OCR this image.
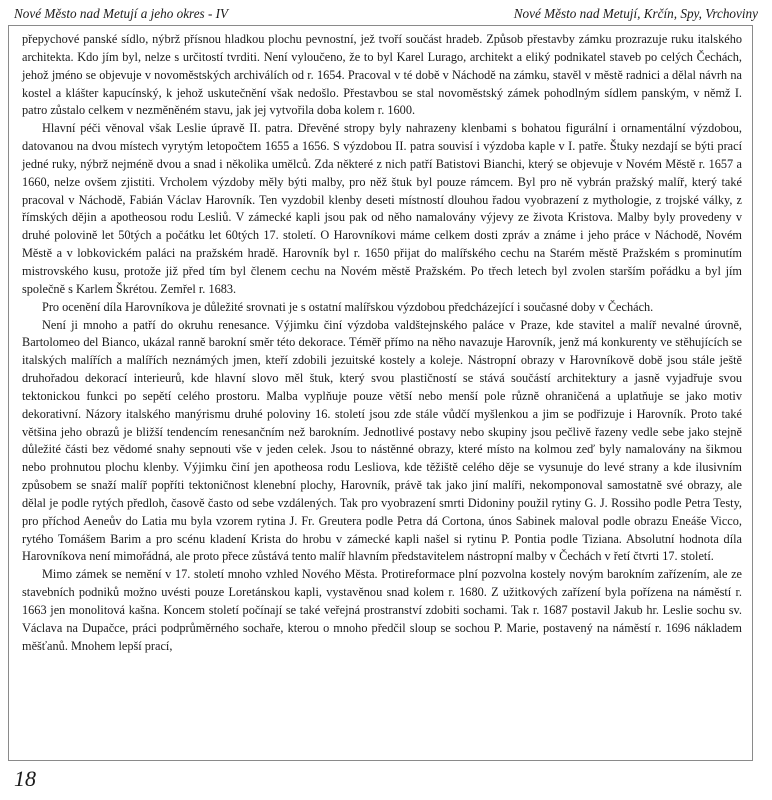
Nové Město nad Metují a jeho okres - IV	Nové Město nad Metují, Krčín, Spy, Vrchoviny

přepychové panské sídlo, nýbrž přísnou hladkou plochu pevnostní, jež tvoří součást hradeb. Způsob přestavby zámku prozrazuje ruku italského architekta. Kdo jím byl, nelze s určitostí tvrditi. Není vyloučeno, že to byl Karel Lurago, architekt a eliký podnikatel staveb po celých Čechách, jehož jméno se objevuje v novoměstských archiválích od r. 1654. Pracoval v té době v Náchodě na zámku, stavěl v městě radnici a dělal návrh na kostel a klášter kapucínský, k jehož uskutečnění však nedošlo. Přestavbou se stal novoměstský zámek pohodlným sídlem panským, v němž I. patro zůstalo celkem v nezměněném stavu, jak jej vytvořila doba kolem r. 1600.

Hlavní péči věnoval však Leslie úpravě II. patra. Dřevěné stropy byly nahrazeny klenbami s bohatou figurální i ornamentální výzdobou, datovanou na dvou místech vyrytým letopočtem 1655 a 1656. S výzdobou II. patra souvisí i výzdoba kaple v I. patře. Štuky nezdají se býti prací jedné ruky, nýbrž nejméně dvou a snad i několika umělců. Zda některé z nich patří Batistovi Bianchi, který se objevuje v Novém Městě r. 1657 a 1660, nelze ovšem zjistiti. Vrcholem výzdoby měly býti malby, pro něž štuk byl pouze rámcem. Byl pro ně vybrán pražský malíř, který také pracoval v Náchodě, Fabián Václav Harovník. Ten vyzdobil klenby deseti místností dlouhou řadou vyobrazení z mythologie, z trojské války, z římských dějin a apotheosou rodu Lesliů. V zámecké kapli jsou pak od něho namalovány výjevy ze života Kristova. Malby byly provedeny v druhé polovině let 50tých a počátku let 60tých 17. století. O Harovníkovi máme celkem dosti zpráv a známe i jeho práce v Náchodě, Novém Městě a v lobkovickém paláci na pražském hradě. Harovník byl r. 1650 přijat do malířského cechu na Starém městě Pražském s prominutím mistrovského kusu, protože již před tím byl členem cechu na Novém městě Pražském. Po třech letech byl zvolen starším pořádku a byl jím společně s Karlem Škrétou. Zemřel r. 1683.

Pro ocenění díla Harovníkova je důležité srovnati je s ostatní malířskou výzdobou předcházející i současné doby v Čechách.

Není ji mnoho a patří do okruhu renesance. Výjimku činí výzdoba valdštejnského paláce v Praze, kde stavitel a malíř nevalné úrovně, Bartolomeo del Bianco, ukázal ranně barokní směr této dekorace. Téměř přímo na něho navazuje Harovník, jenž má konkurenty ve stěhujících se italských malířích a malířích neznámých jmen, kteří zdobili jezuitské kostely a koleje. Nástropní obrazy v Harovníkově době jsou stále ještě druhořadou dekorací interieurů, kde hlavní slovo měl štuk, který svou plastičností se stává součástí architektury a jasně vyjadřuje svou tektonickou funkci po sepětí celého prostoru. Malba vyplňuje pouze větší nebo menší pole různě ohraničená a uplatňuje se jako motiv dekorativní. Názory italského manýrismu druhé poloviny 16. století jsou zde stále vůdčí myšlenkou a jim se podřizuje i Harovník. Proto také většina jeho obrazů je bližší tendencím renesančním než barokním. Jednotlivé postavy nebo skupiny jsou pečlivě řazeny vedle sebe jako stejně důležité části bez vědomé snahy sepnouti vše v jeden celek. Jsou to nástěnné obrazy, které místo na kolmou zeď byly namalovány na šikmou nebo prohnutou plochu klenby. Výjimku činí jen apotheosa rodu Lesliova, kde těžiště celého děje se vysunuje do levé strany a kde ilusivním způsobem se snaží malíř popříti tektoničnost klenební plochy, Harovník, právě tak jako jiní malíři, nekomponoval samostatně své obrazy, ale dělal je podle rytých předloh, časově často od sebe vzdálených. Tak pro vyobrazení smrti Didoniny použil rytiny G. J. Rossiho podle Petra Testy, pro příchod Aeneův do Latia mu byla vzorem rytina J. Fr. Greutera podle Petra dá Cortona, únos Sabinek maloval podle obrazu Eneáše Vicco, rytého Tomášem Barim a pro scénu kladení Krista do hrobu v zámecké kapli našel si rytinu P. Pontia podle Tiziana. Absolutní hodnota díla Harovníkova není mimořádná, ale proto přece zůstává tento malíř hlavním představitelem nástropní malby v Čechách v řetí čtvrti 17. století.

Mimo zámek se nemění v 17. století mnoho vzhled Nového Města. Protireformace plní pozvolna kostely novým barokním zařízením, ale ze stavebních podniků možno uvésti pouze Loretánskou kapli, vystavěnou snad kolem r. 1680. Z užitkových zařízení byla pořízena na náměstí r. 1663 jen monolitová kašna. Koncem století počínají se také veřejná prostranství zdobiti sochami. Tak r. 1687 postavil Jakub hr. Leslie sochu sv. Václava na Dupačce, práci podprůměrného sochaře, kterou o mnoho předčil sloup se sochou P. Marie, postavený na náměstí r. 1696 nákladem měšťanů. Mnohem lepší prací,

18
